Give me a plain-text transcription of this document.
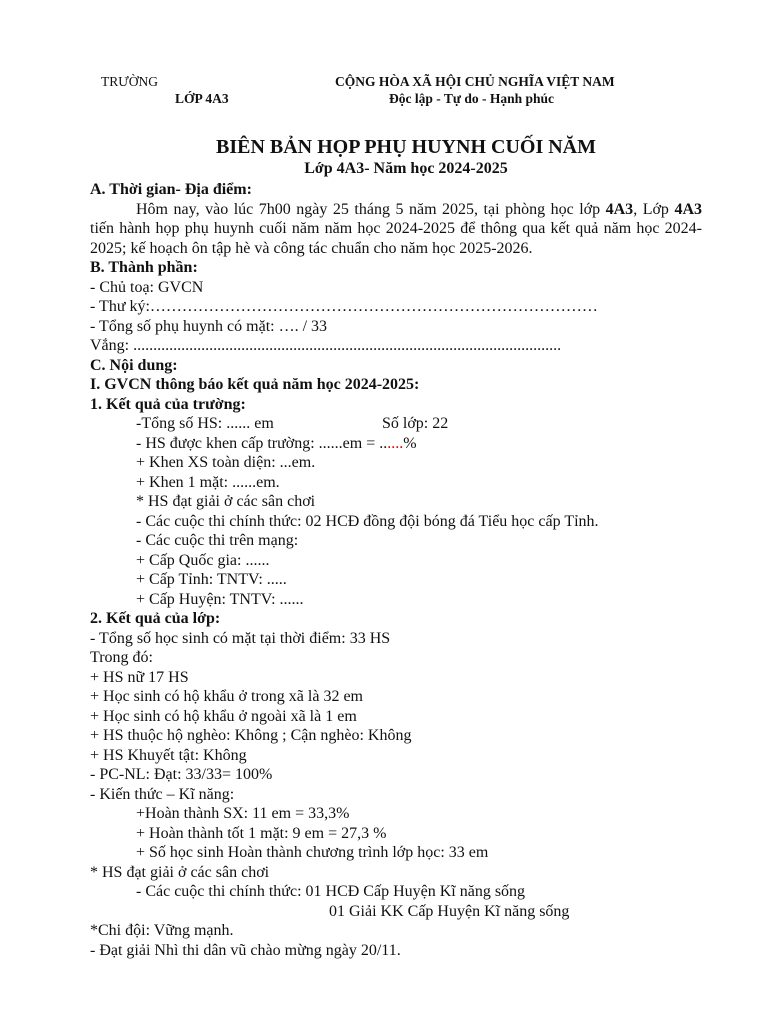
TRƯỜNG
LỚP 4A3
CỘNG HÒA XÃ HỘI CHỦ NGHĨA VIỆT NAM
Độc lập - Tự do - Hạnh phúc
BIÊN BẢN HỌP PHỤ HUYNH CUỐI NĂM
Lớp 4A3- Năm học 2024-2025
A. Thời gian- Địa điểm:
Hôm nay, vào lúc 7h00 ngày 25 tháng 5 năm 2025, tại phòng học lớp 4A3, Lớp 4A3 tiến hành họp phụ huynh cuối năm năm học 2024-2025 để thông qua kết quả năm học 2024-2025; kế hoạch ôn tập hè và công tác chuẩn cho năm học 2025-2026.
B. Thành phần:
- Chủ toạ: GVCN
- Thư ký:…………………………………………………………………………
- Tổng số phụ huynh có mặt: …. / 33
Vắng: ...........................................................................................................
C. Nội dung:
I. GVCN thông báo kết quả năm học 2024-2025:
1. Kết quả của trường:
-Tổng số HS: ...... em	Số lớp: 22
- HS được khen cấp trường: ......em = ......%
+ Khen XS toàn diện: ...em.
+ Khen 1 mặt: ......em.
* HS đạt giải ở các sân chơi
- Các cuộc thi chính thức: 02 HCĐ đồng đội bóng đá Tiểu học cấp Tỉnh.
- Các cuộc thi trên mạng:
+ Cấp Quốc gia: ......
+ Cấp Tỉnh: TNTV: .....
+ Cấp Huyện: TNTV: ......
2. Kết quả của lớp:
- Tổng số học sinh có mặt tại thời điểm: 33 HS
Trong đó:
+ HS nữ 17 HS
+ Học sinh có hộ khẩu ở trong xã là 32 em
+ Học sinh có hộ khẩu ở ngoài xã là 1 em
+ HS thuộc hộ nghèo: Không ; Cận nghèo: Không
+ HS Khuyết tật: Không
- PC-NL: Đạt: 33/33= 100%
- Kiến thức – Kĩ năng:
+Hoàn thành SX: 11 em = 33,3%
+ Hoàn thành tốt 1 mặt: 9 em = 27,3 %
+ Số học sinh Hoàn thành chương trình lớp học: 33 em
* HS đạt giải ở các sân chơi
- Các cuộc thi chính thức: 01 HCĐ Cấp Huyện Kĩ năng sống
01 Giải KK Cấp Huyện Kĩ năng sống
*Chi đội: Vững mạnh.
- Đạt giải Nhì thi dân vũ chào mừng ngày 20/11.
